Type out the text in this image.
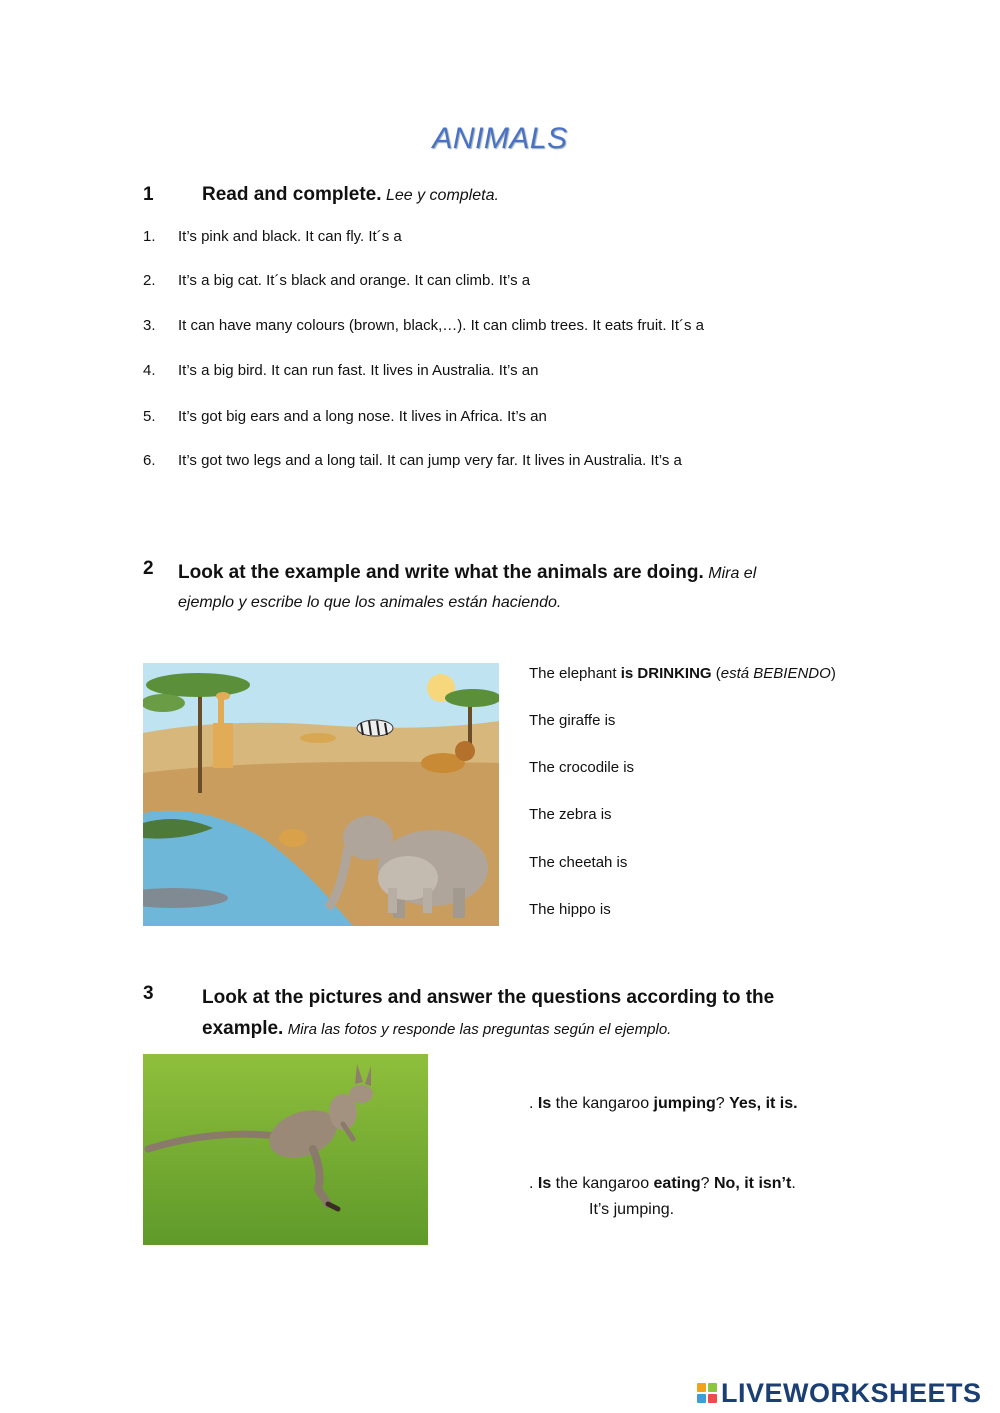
ANIMALS
1	Read and complete. Lee y completa.
1. It’s pink and black. It can fly. It´s a
2. It’s a big cat. It´s black and orange. It can climb. It’s a
3. It can have many colours (brown, black,…). It can climb trees. It eats fruit. It´s a
4. It’s a big bird. It can run fast. It lives in Australia. It’s an
5. It’s got big ears and a long nose. It lives in Africa. It’s an
6. It’s got two legs and a long tail. It can jump very far. It lives in Australia. It’s a
2 Look at the example and write what the animals are doing. Mira el
ejemplo y escribe lo que los animales están haciendo.
The elephant is DRINKING (está BEBIENDO)
The giraffe is
The crocodile is
The zebra is
The cheetah is
The hippo is
3	Look at the pictures and answer the questions according to the
example. Mira las fotos y responde las preguntas según el ejemplo.
. Is the kangaroo jumping? Yes, it is.
. Is the kangaroo eating? No, it isn’t.
It’s jumping.
LIVEWORKSHEETS
